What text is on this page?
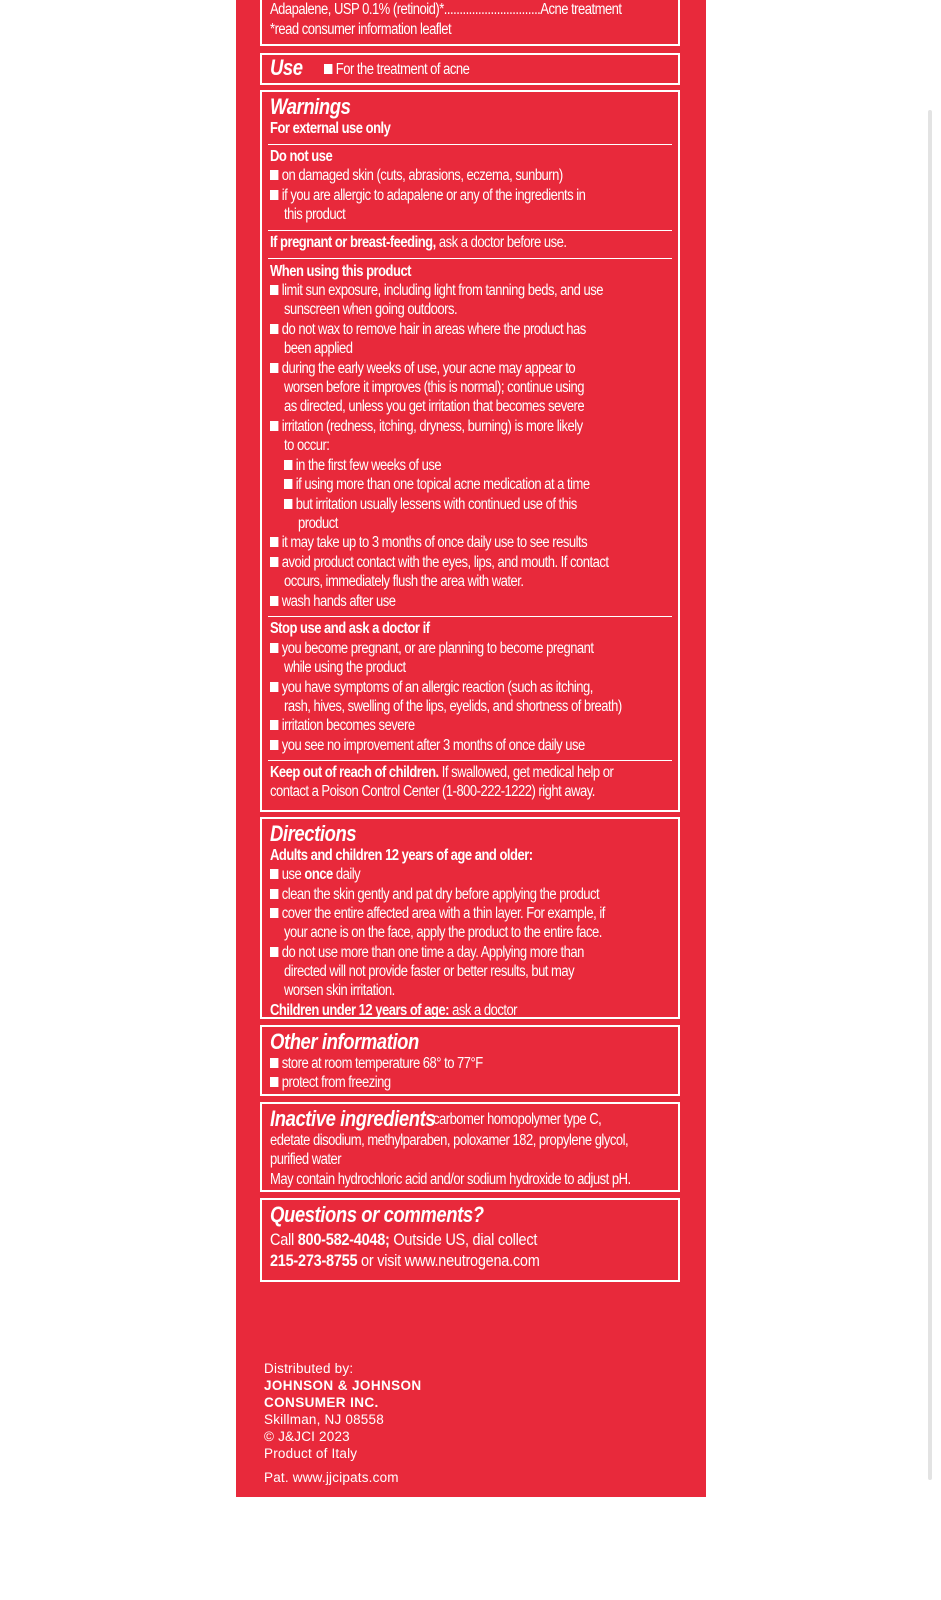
Adapalene, USP 0.1% (retinoid)*...............................Acne treatment
*read consumer information leaflet
Use	For the treatment of acne
Warnings
For external use only
Do not use
on damaged skin (cuts, abrasions, eczema, sunburn)
if you are allergic to adapalene or any of the ingredients in
this product
If pregnant or breast-feeding, ask a doctor before use.
When using this product
limit sun exposure, including light from tanning beds, and use
sunscreen when going outdoors.
do not wax to remove hair in areas where the product has
been applied
during the early weeks of use, your acne may appear to
worsen before it improves (this is normal); continue using
as directed, unless you get irritation that becomes severe
irritation (redness, itching, dryness, burning) is more likely
to occur:
in the first few weeks of use
if using more than one topical acne medication at a time
but irritation usually lessens with continued use of this
product
it may take up to 3 months of once daily use to see results
avoid product contact with the eyes, lips, and mouth. If contact
occurs, immediately flush the area with water.
wash hands after use
Stop use and ask a doctor if
you become pregnant, or are planning to become pregnant
while using the product
you have symptoms of an allergic reaction (such as itching,
rash, hives, swelling of the lips, eyelids, and shortness of breath)
irritation becomes severe
you see no improvement after 3 months of once daily use
Keep out of reach of children. If swallowed, get medical help or
contact a Poison Control Center (1-800-222-1222) right away.
Directions
Adults and children 12 years of age and older:
use once daily
clean the skin gently and pat dry before applying the product
cover the entire affected area with a thin layer. For example, if
your acne is on the face, apply the product to the entire face.
do not use more than one time a day. Applying more than
directed will not provide faster or better results, but may
worsen skin irritation.
Children under 12 years of age: ask a doctor
Other information
store at room temperature 68° to 77°F
protect from freezing
Inactive ingredients
carbomer homopolymer type C,
edetate disodium, methylparaben, poloxamer 182, propylene glycol,
purified water
May contain hydrochloric acid and/or sodium hydroxide to adjust pH.
Questions or comments?
Call 800-582-4048; Outside US, dial collect
215-273-8755 or visit www.neutrogena.com
Distributed by:
JOHNSON & JOHNSON
CONSUMER INC.
Skillman, NJ 08558
© J&JCI 2023
Product of Italy
Pat. www.jjcipats.com
